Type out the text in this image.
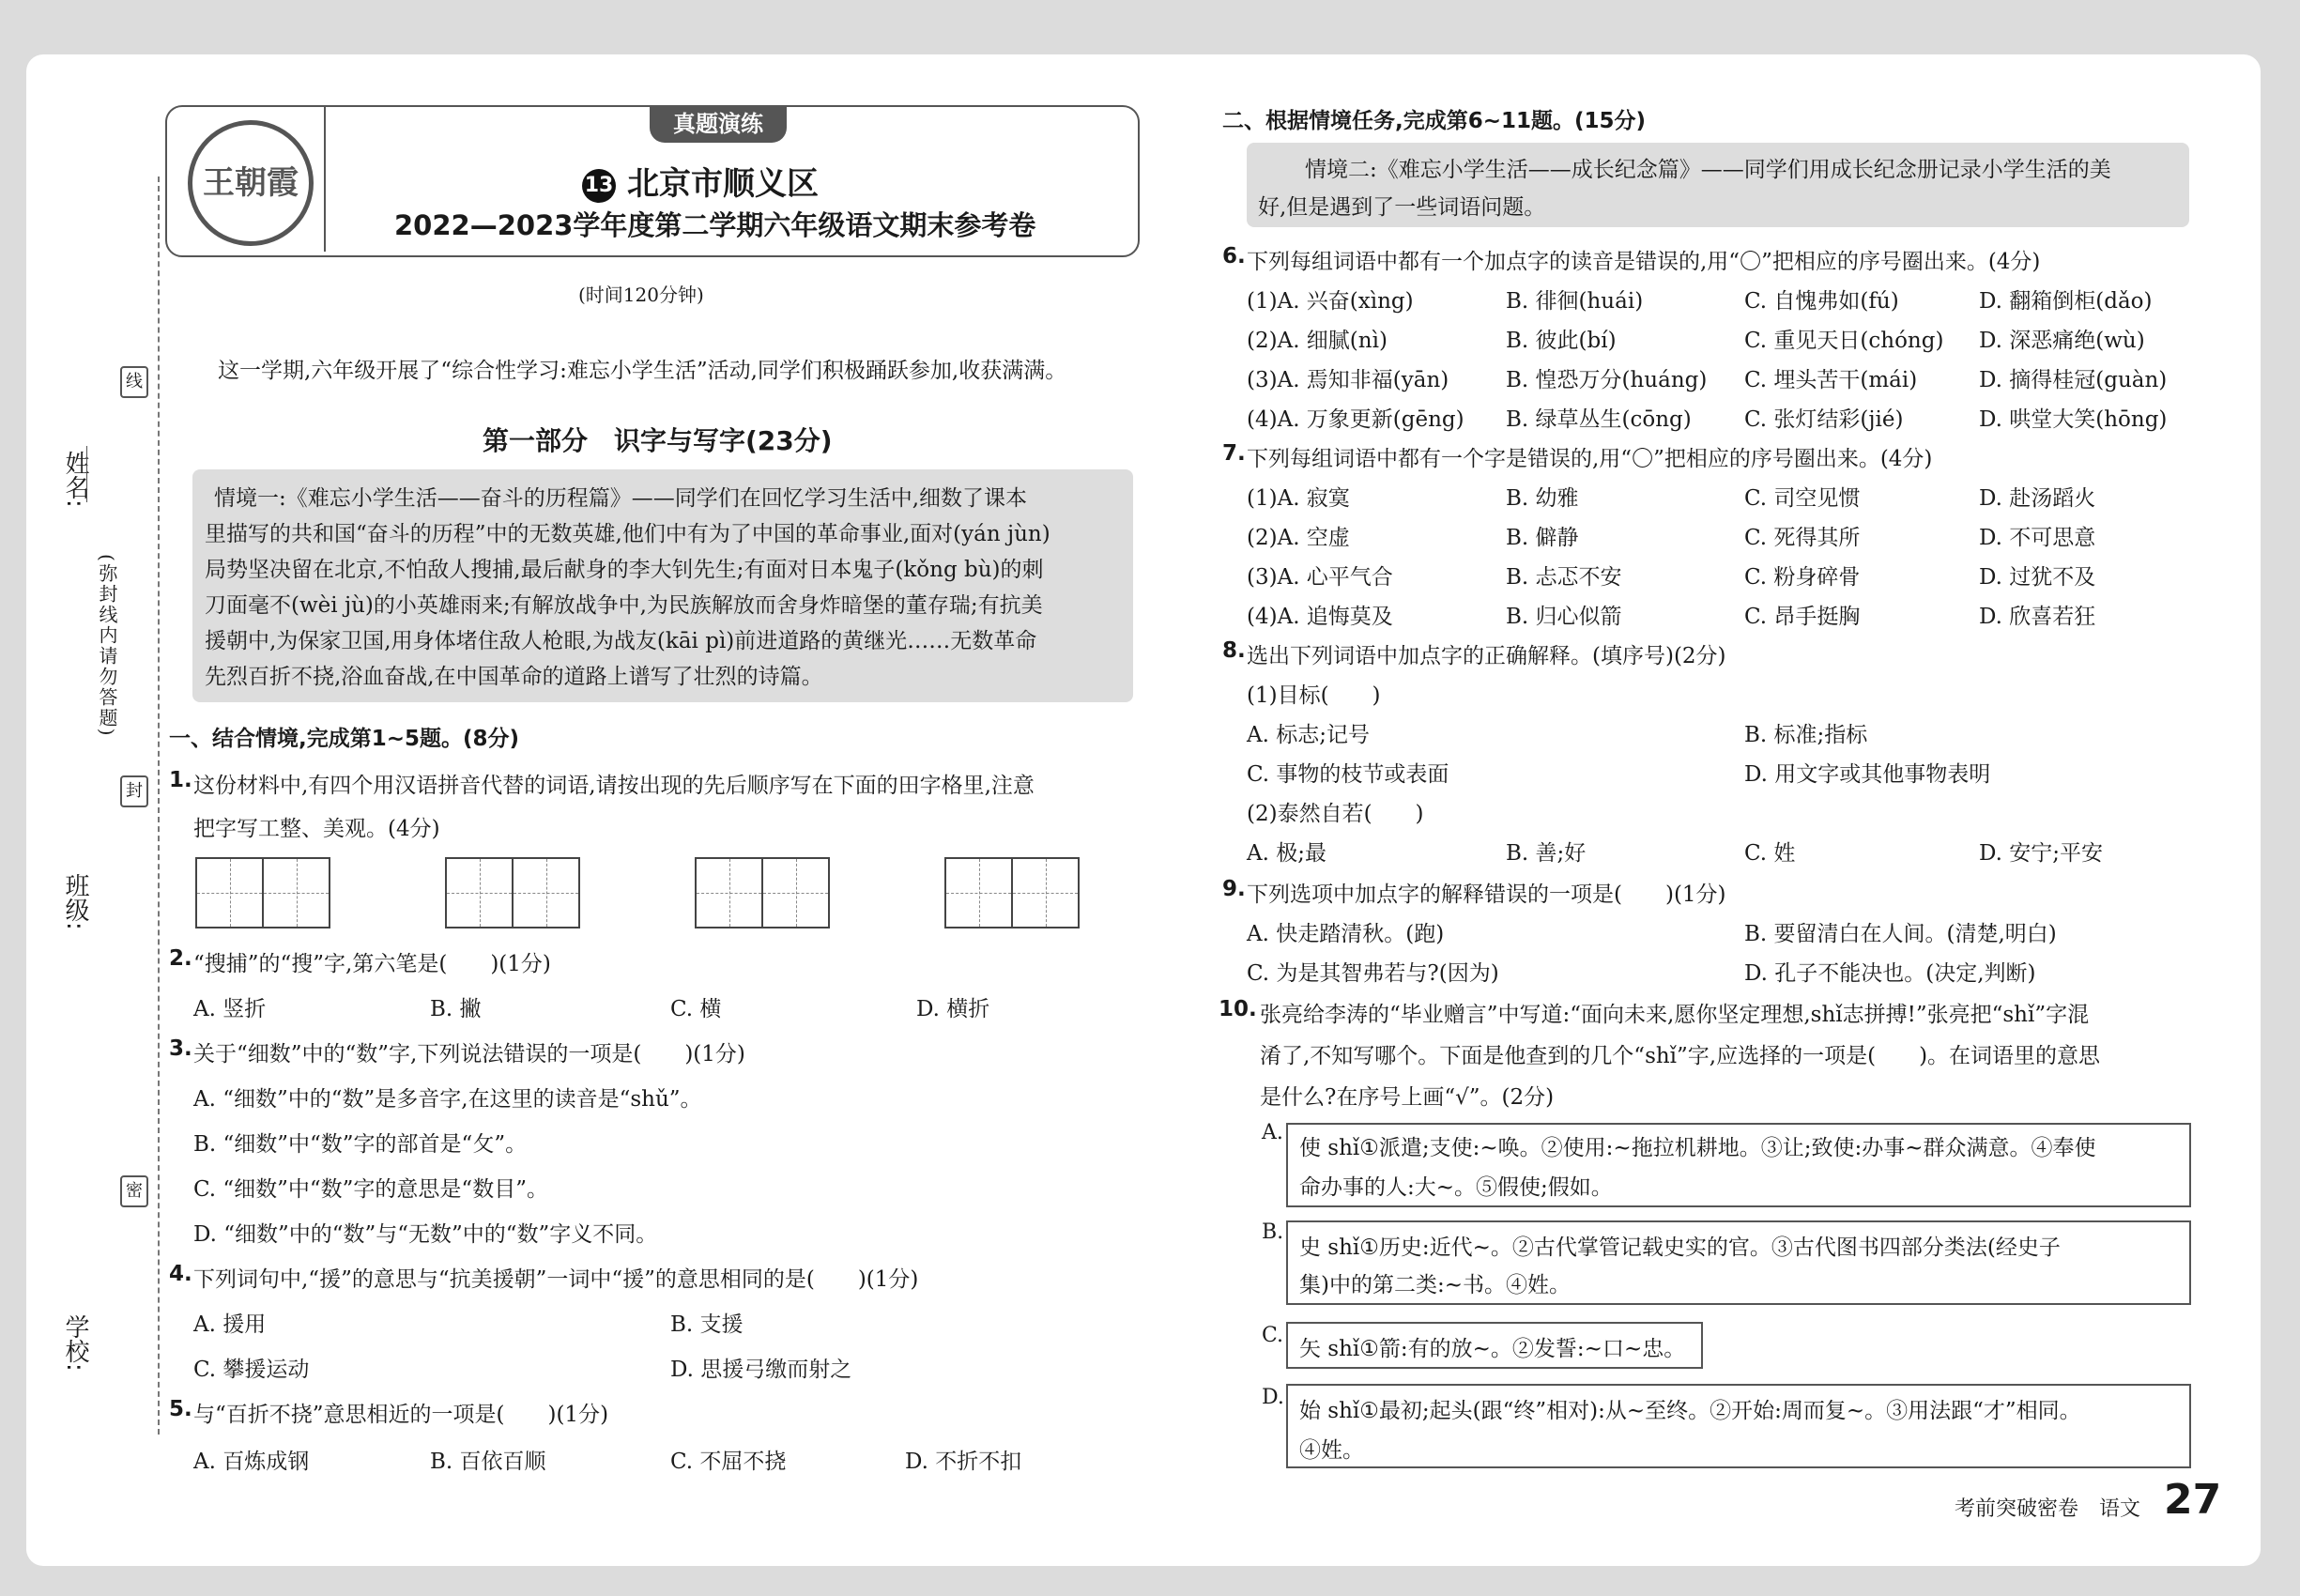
姓名:
班级:
学校:
线
封
密
(弥封线内请勿答题)
真题演练
王朝霞	13 北京市顺义区
2022—2023学年度第二学期六年级语文期末参考卷
(时间120分钟)
这一学期,六年级开展了“综合性学习:难忘小学生活”活动,同学们积极踊跃参加,收获满满。
第一部分　识字与写字(23分)
情境一:《难忘小学生活——奋斗的历程篇》——同学们在回忆学习生活中,细数了课本
里描写的共和国“奋斗的历程”中的无数英雄,他们中有为了中国的革命事业,面对(yán jùn)
局势坚决留在北京,不怕敌人搜捕,最后献身的李大钊先生;有面对日本鬼子(kǒng bù)的刺
刀面毫不(wèi jù)的小英雄雨来;有解放战争中,为民族解放而舍身炸暗堡的董存瑞;有抗美
援朝中,为保家卫国,用身体堵住敌人枪眼,为战友(kāi pì)前进道路的黄继光……无数革命
先烈百折不挠,浴血奋战,在中国革命的道路上谱写了壮烈的诗篇。
一、结合情境,完成第1~5题。(8分)
1. 这份材料中,有四个用汉语拼音代替的词语,请按出现的先后顺序写在下面的田字格里,注意
把字写工整、美观。(4分)
2. “搜捕”的“搜”字,第六笔是(　　)(1分)
A. 竖折	B. 撇	C. 横	D. 横折
3. 关于“细数”中的“数”字,下列说法错误的一项是(　　)(1分)
A. “细数”中的“数”是多音字,在这里的读音是“shǔ”。
B. “细数”中“数”字的部首是“攵”。
C. “细数”中“数”字的意思是“数目”。
D. “细数”中的“数”与“无数”中的“数”字义不同。
4. 下列词句中,“援”的意思与“抗美援朝”一词中“援”的意思相同的是(　　)(1分)
A. 援用	B. 支援
C. 攀援运动	D. 思援弓缴而射之
5. 与“百折不挠”意思相近的一项是(　　)(1分)
A. 百炼成钢	B. 百依百顺	C. 不屈不挠	D. 不折不扣
二、根据情境任务,完成第6~11题。(15分)
情境二:《难忘小学生活——成长纪念篇》——同学们用成长纪念册记录小学生活的美
好,但是遇到了一些词语问题。
6. 下列每组词语中都有一个加点字的读音是错误的,用“〇”把相应的序号圈出来。(4分)
(1)A. 兴奋(xìng)	B. 徘徊(huái)	C. 自愧弗如(fú)	D. 翻箱倒柜(dǎo)
(2)A. 细腻(nì)	B. 彼此(bí)	C. 重见天日(chóng) D. 深恶痛绝(wù)
(3)A. 焉知非福(yān)	B. 惶恐万分(huáng) C. 埋头苦干(mái)	D. 摘得桂冠(guàn)
(4)A. 万象更新(gēng) B. 绿草丛生(cōng) C. 张灯结彩(jié)	D. 哄堂大笑(hōng)
7. 下列每组词语中都有一个字是错误的,用“〇”把相应的序号圈出来。(4分)
(1)A. 寂寞	B. 幼雅	C. 司空见惯	D. 赴汤蹈火
(2)A. 空虚	B. 僻静	C. 死得其所	D. 不可思意
(3)A. 心平气合	B. 忐忑不安	C. 粉身碎骨	D. 过犹不及
(4)A. 追悔莫及	B. 归心似箭	C. 昂手挺胸	D. 欣喜若狂
8. 选出下列词语中加点字的正确解释。(填序号)(2分)
(1)目标(　　)
A. 标志;记号	B. 标准;指标
C. 事物的枝节或表面	D. 用文字或其他事物表明
(2)泰然自若(　　)
A. 极;最	B. 善;好	C. 姓	D. 安宁;平安
9. 下列选项中加点字的解释错误的一项是(　　)(1分)
A. 快走踏清秋。(跑)	B. 要留清白在人间。(清楚,明白)
C. 为是其智弗若与?(因为)	D. 孔子不能决也。(决定,判断)
10. 张亮给李涛的“毕业赠言”中写道:“面向未来,愿你坚定理想,shǐ志拼搏!”张亮把“shǐ”字混
淆了,不知写哪个。下面是他查到的几个“shǐ”字,应选择的一项是(　　)。在词语里的意思
是什么?在序号上画“√”。(2分)
A.
使 shǐ①派遣;支使:~唤。②使用:~拖拉机耕地。③让;致使:办事~群众满意。④奉使
命办事的人:大~。⑤假使;假如。
B.
史 shǐ①历史:近代~。②古代掌管记载史实的官。③古代图书四部分类法(经史子
集)中的第二类:~书。④姓。
C.
矢 shǐ①箭:有的放~。②发誓:~口~忠。
D.
始 shǐ①最初;起头(跟“终”相对):从~至终。②开始:周而复~。③用法跟“才”相同。
④姓。
考前突破密卷　语文 27
